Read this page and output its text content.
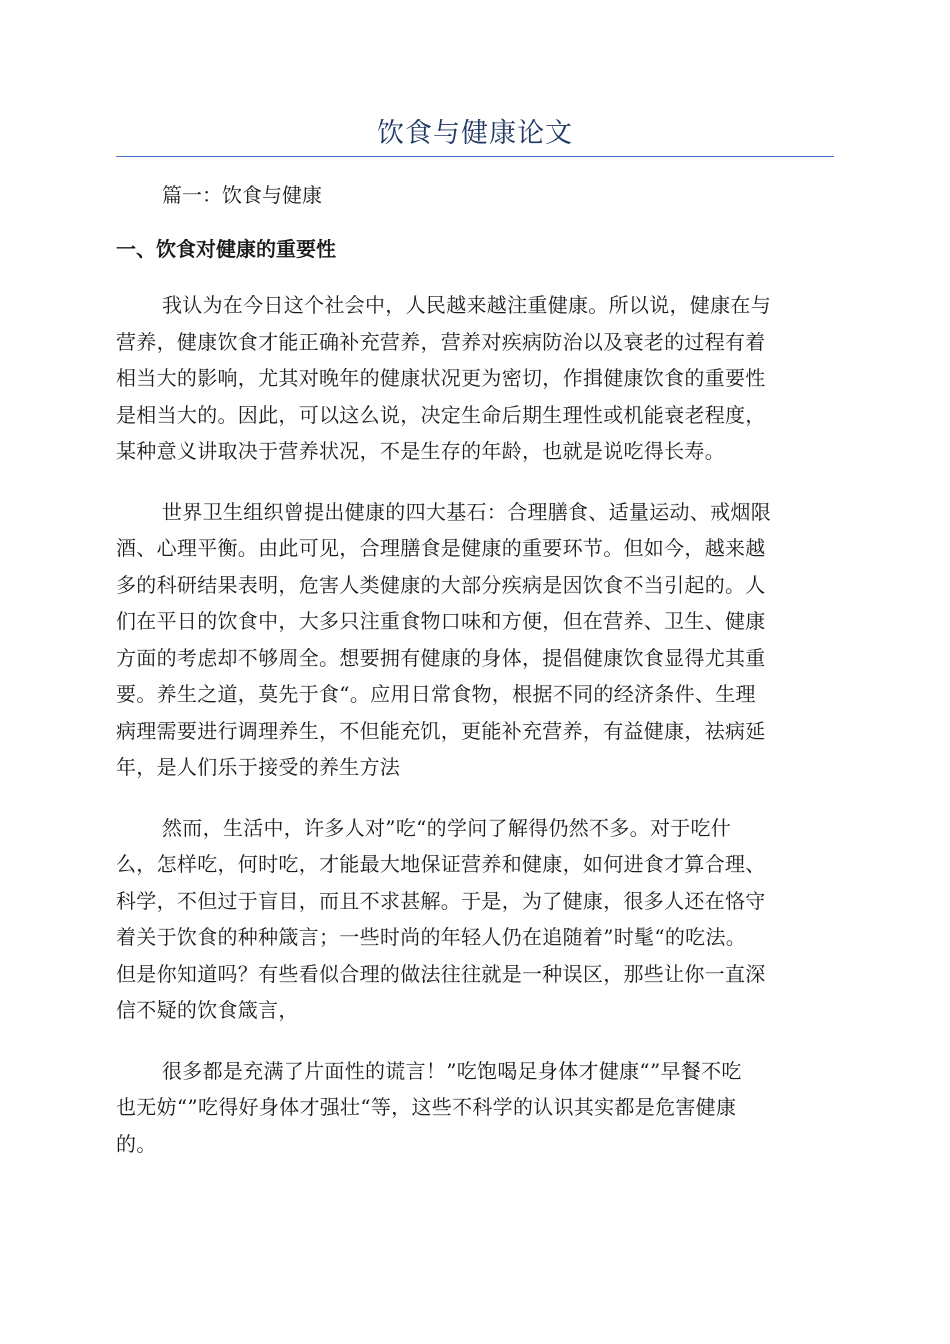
饮食与健康论文
篇一：饮食与健康
一、饮食对健康的重要性
我认为在今日这个社会中，人民越来越注重健康。所以说，健康在与
营养，健康饮食才能正确补充营养，营养对疾病防治以及衰老的过程有着
相当大的影响，尤其对晚年的健康状况更为密切，作揖健康饮食的重要性
是相当大的。因此，可以这么说，决定生命后期生理性或机能衰老程度，
某种意义讲取决于营养状况，不是生存的年龄，也就是说吃得长寿。
世界卫生组织曾提出健康的四大基石：合理膳食、适量运动、戒烟限
酒、心理平衡。由此可见，合理膳食是健康的重要环节。但如今，越来越
多的科研结果表明，危害人类健康的大部分疾病是因饮食不当引起的。人
们在平日的饮食中，大多只注重食物口味和方便，但在营养、卫生、健康
方面的考虑却不够周全。想要拥有健康的身体，提倡健康饮食显得尤其重
要。养生之道，莫先于食“。应用日常食物，根据不同的经济条件、生理
病理需要进行调理养生，不但能充饥，更能补充营养，有益健康，祛病延
年，是人们乐于接受的养生方法
然而，生活中，许多人对”吃“的学问了解得仍然不多。对于吃什
么，怎样吃，何时吃，才能最大地保证营养和健康，如何进食才算合理、
科学，不但过于盲目，而且不求甚解。于是，为了健康，很多人还在恪守
着关于饮食的种种箴言；一些时尚的年轻人仍在追随着”时髦“的吃法。
但是你知道吗？有些看似合理的做法往往就是一种误区，那些让你一直深
信不疑的饮食箴言，
很多都是充满了片面性的谎言！”吃饱喝足身体才健康“”早餐不吃
也无妨“”吃得好身体才强壮“等，这些不科学的认识其实都是危害健康
的。
